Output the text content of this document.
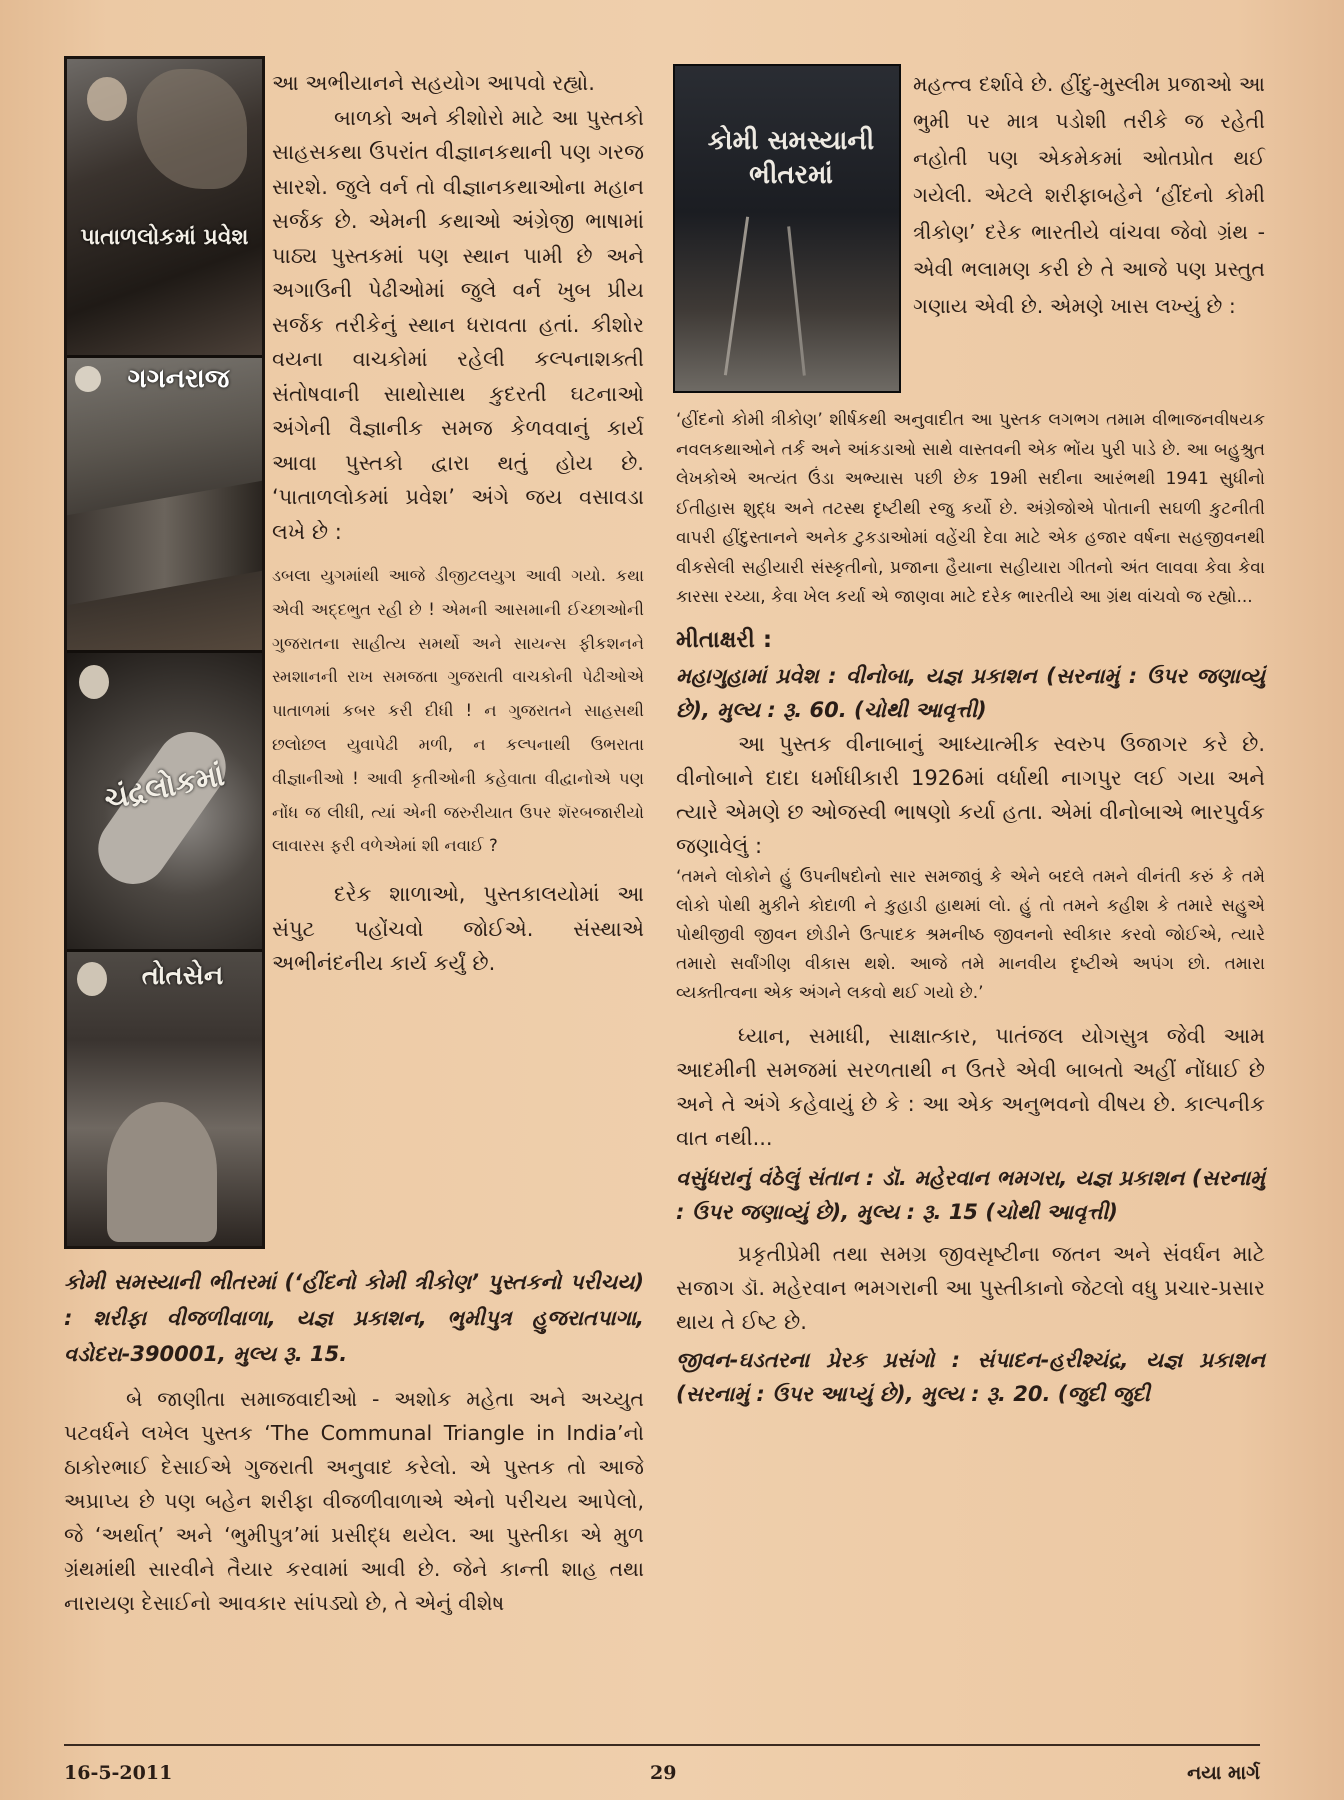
પાતાળલોકમાં પ્રવેશ
ગગનરાજ
ચંદ્રલોકમાં
તોતસેન

આ અભીયાનને સહયોગ આપવો રહ્યો.

બાળકો અને કીશોરો માટે આ પુસ્તકો સાહસકથા ઉપરાંત વીજ્ઞાનકથાની પણ ગરજ સારશે. જુલે વર્ન તો વીજ્ઞાનકથાઓના મહાન સર્જક છે. એમની કથાઓ અંગ્રેજી ભાષામાં પાઠ્ય પુસ્તકમાં પણ સ્થાન પામી છે અને અગાઉની પેઢીઓમાં જુલે વર્ન ખુબ પ્રીય સર્જક તરીકેનું સ્થાન ધરાવતા હતાં. કીશોર વયના વાચકોમાં રહેલી કલ્પનાશક્તી સંતોષવાની સાથોસાથ કુદરતી ઘટનાઓ અંગેની વૈજ્ઞાનીક સમજ કેળવવાનું કાર્ય આવા પુસ્તકો દ્વારા થતું હોય છે. ‘પાતાળલોકમાં પ્રવેશ’ અંગે જય વસાવડા લખે છે :

ડબલા યુગમાંથી આજે ડીજીટલયુગ આવી ગયો. કથા એવી અદ્દભુત રહી છે ! એમની આસમાની ઈચ્છાઓની ગુજરાતના સાહીત્ય સમર્થો અને સાયન્સ ફીકશનને સ્મશાનની રાખ સમજતા ગુજરાતી વાચકોની પેઢીઓએ પાતાળમાં કબર કરી દીધી ! ન ગુજરાતને સાહસથી છલોછલ યુવાપેઢી મળી, ન કલ્પનાથી ઉભરાતા વીજ્ઞાનીઓ ! આવી કૃતીઓની કહેવાતા વીદ્વાનોએ પણ નોંધ જ લીધી, ત્યાં એની જરુરીયાત ઉપર શૅરબજારીયો લાવારસ ફરી વળેએમાં શી નવાઈ ?

દરેક શાળાઓ, પુસ્તકાલયોમાં આ સંપુટ પહોંચવો જોઈએ. સંસ્થાએ અભીનંદનીય કાર્ય કર્યું છે.

કોમી સમસ્યાની ભીતરમાં (‘હીંદનો કોમી ત્રીકોણ’ પુસ્તકનો પરીચય) : શરીફા વીજળીવાળા, યજ્ઞ પ્રકાશન, ભુમીપુત્ર હુજરાતપાગા, વડોદરા-390001, મુલ્ય રૂ. 15.

બે જાણીતા સમાજવાદીઓ - અશોક મહેતા અને અચ્યુત પટવર્ધને લખેલ પુસ્તક ‘The Communal Triangle in India’નો ઠાકોરભાઈ દેસાઈએ ગુજરાતી અનુવાદ કરેલો. એ પુસ્તક તો આજે અપ્રાપ્ય છે પણ બહેન શરીફા વીજળીવાળાએ એનો પરીચય આપેલો, જે ‘અર્થાત્’ અને ‘ભુમીપુત્ર’માં પ્રસીદ્ધ થયેલ. આ પુસ્તીકા એ મુળ ગ્રંથમાંથી સારવીને તૈયાર કરવામાં આવી છે. જેને કાન્તી શાહ તથા નારાયણ દેસાઈનો આવકાર સાંપડ્યો છે, તે એનું વીશેષ

કોમી સમસ્યાની ભીતરમાં

મહત્ત્વ દર્શાવે છે. હીંદુ-મુસ્લીમ પ્રજાઓ આ ભુમી પર માત્ર પડોશી તરીકે જ રહેતી નહોતી પણ એકમેકમાં ઓતપ્રોત થઈ ગયેલી. એટલે શરીફાબહેને ‘હીંદનો કોમી ત્રીકોણ’ દરેક ભારતીયે વાંચવા જેવો ગ્રંથ - એવી ભલામણ કરી છે તે આજે પણ પ્રસ્તુત ગણાય એવી છે. એમણે ખાસ લખ્યું છે :

‘હીંદનો કોમી ત્રીકોણ’ શીર્ષકથી અનુવાદીત આ પુસ્તક લગભગ તમામ વીભાજનવીષયક નવલકથાઓને તર્ક અને આંકડાઓ સાથે વાસ્તવની એક ભોંય પુરી પાડે છે. આ બહુશ્રુત લેખકોએ અત્યંત ઉંડા અભ્યાસ પછી છેક 19મી સદીના આરંભથી 1941 સુધીનો ઈતીહાસ શુદ્ધ અને તટસ્થ દૃષ્ટીથી રજુ કર્યો છે. અંગ્રેજોએ પોતાની સઘળી કુટનીતી વાપરી હીંદુસ્તાનને અનેક ટુકડાઓમાં વહેંચી દેવા માટે એક હજાર વર્ષના સહજીવનથી વીકસેલી સહીયારી સંસ્કૃતીનો, પ્રજાના હૈયાના સહીયારા ગીતનો અંત લાવવા કેવા કેવા કારસા રચ્યા, કેવા ખેલ કર્યા એ જાણવા માટે દરેક ભારતીયે આ ગ્રંથ વાંચવો જ રહ્યો...

મીતાક્ષરી :

મહાગુહામાં પ્રવેશ : વીનોબા, યજ્ઞ પ્રકાશન (સરનામું : ઉપર જણાવ્યું છે), મુલ્ય : રૂ. 60. (ચોથી આવૃત્તી)

આ પુસ્તક વીનાબાનું આધ્યાત્મીક સ્વરુપ ઉજાગર કરે છે. વીનોબાને દાદા ધર્માધીકારી 1926માં વર્ધાથી નાગપુર લઈ ગયા અને ત્યારે એમણે છ ઓજસ્વી ભાષણો કર્યા હતા. એમાં વીનોબાએ ભારપુર્વક જણાવેલું :

‘તમને લોકોને હું ઉપનીષદોનો સાર સમજાવું કે એને બદલે તમને વીનંતી કરું કે તમે લોકો પોથી મુકીને કોદાળી ને કુહાડી હાથમાં લો. હું તો તમને કહીશ કે તમારે સહુએ પોથીજીવી જીવન છોડીને ઉત્પાદક શ્રમનીષ્ઠ જીવનનો સ્વીકાર કરવો જોઈએ, ત્યારે તમારો સર્વાંગીણ વીકાસ થશે. આજે તમે માનવીય દૃષ્ટીએ અપંગ છો. તમારા વ્યક્તીત્વના એક અંગને લકવો થઈ ગયો છે.’

ધ્યાન, સમાધી, સાક્ષાત્કાર, પાતંજલ યોગસુત્ર જેવી આમ આદમીની સમજમાં સરળતાથી ન ઉતરે એવી બાબતો અહીં નોંધાઈ છે અને તે અંગે કહેવાયું છે કે : આ એક અનુભવનો વીષય છે. કાલ્પનીક વાત નથી...

વસુંધરાનું વંઠેલું સંતાન : ડૉ. મહેરવાન ભમગરા, યજ્ઞ પ્રકાશન (સરનામું : ઉપર જણાવ્યું છે), મુલ્ય : રૂ. 15 (ચોથી આવૃત્તી)

પ્રકૃતીપ્રેમી તથા સમગ્ર જીવસૃષ્ટીના જતન અને સંવર્ધન માટે સજાગ ડૉ. મહેરવાન ભમગરાની આ પુસ્તીકાનો જેટલો વધુ પ્રચાર-પ્રસાર થાય તે ઈષ્ટ છે.

જીવન-ઘડતરના પ્રેરક પ્રસંગો : સંપાદન-હરીશ્ચંદ્ર, યજ્ઞ પ્રકાશન (સરનામું : ઉપર આપ્યું છે), મુલ્ય : રૂ. 20. (જુદી જુદી

16-5-2011	29	નયા માર્ગ
